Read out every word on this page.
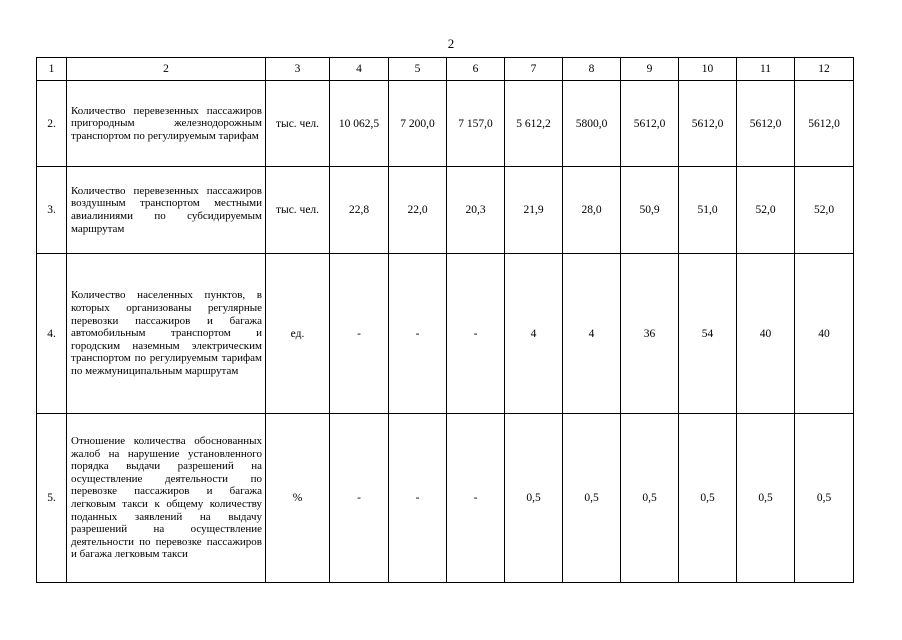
2
1	2	3	4	5	6	7	8	9	10	11	12
2.	Количество перевезенных пассажиров пригородным железнодорожным транспортом по регулируемым тарифам	тыс. чел.	10 062,5	7 200,0	7 157,0	5 612,2	5800,0	5612,0	5612,0	5612,0	5612,0
3.	Количество перевезенных пассажиров воздушным транспортом местными авиалиниями по субсидируемым маршрутам	тыс. чел.	22,8	22,0	20,3	21,9	28,0	50,9	51,0	52,0	52,0
4.	Количество населенных пунктов, в которых организованы регулярные перевозки пассажиров и багажа автомобильным транспортом и городским наземным электрическим транспортом по регулируемым тарифам по межмуниципальным маршрутам	ед.	-	-	-	4	4	36	54	40	40
5.	Отношение количества обоснованных жалоб на нарушение установленного порядка выдачи разрешений на осуществление деятельности по перевозке пассажиров и багажа легковым такси к общему количеству поданных заявлений на выдачу разрешений на осуществление деятельности по перевозке пассажиров и багажа легковым такси	%	-	-	-	0,5	0,5	0,5	0,5	0,5	0,5
